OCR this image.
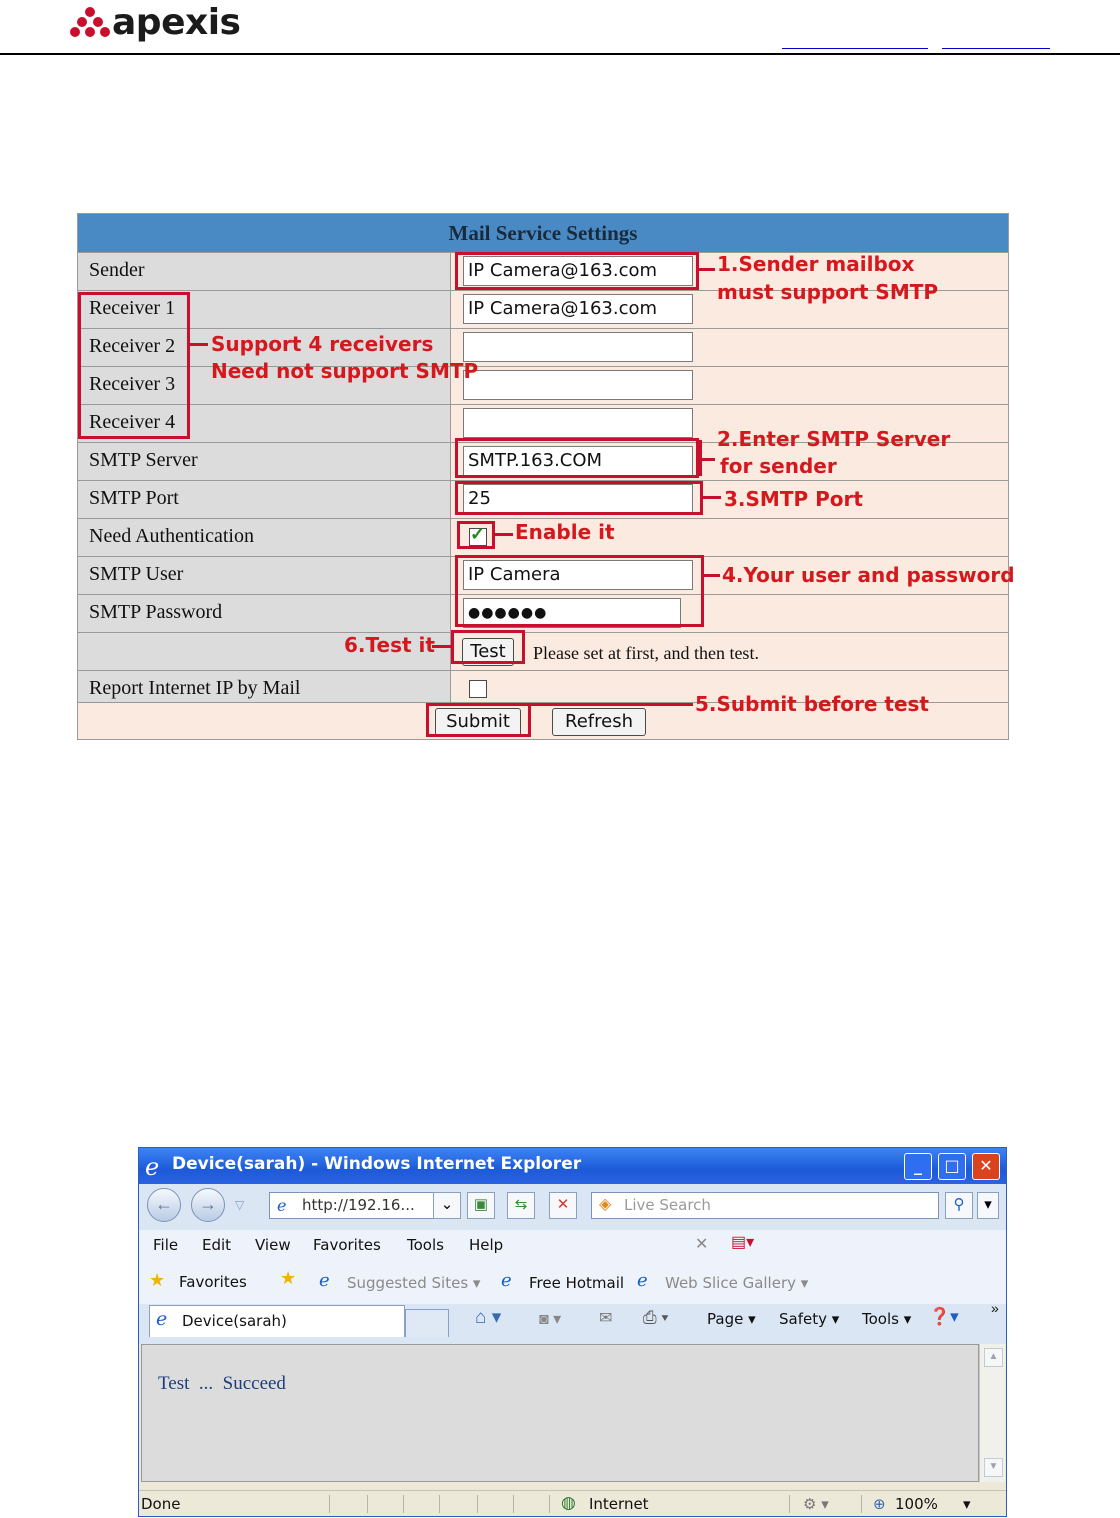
apexis
Mail Service Settings
Sender	IP Camera@163.com
Receiver 1	IP Camera@163.com
Receiver 2
Receiver 3
Receiver 4
SMTP Server	SMTP.163.COM
SMTP Port	25
Need Authentication	✓
SMTP User	IP Camera
SMTP Password	●●●●●●
Test	Please set at first, and then test.
Report Internet IP by Mail
Submit	Refresh
1.Sender mailbox
must support SMTP
Support 4 receivers
Need not support SMTP
2.Enter SMTP Server
for sender
3.SMTP Port
Enable it
4.Your user and password
6.Test it
5.Submit before test
e Device(sarah) - Windows Internet Explorer	_	□	✕
←	→	▽	http://192.16...
e	⌄	▣	⇆	✕	Live Search
◈	⚲	▾
File Edit View Favorites Tools Help	✕ ▤▾
★ Favorites ★ e Suggested Sites ▾ e Free Hotmail e Web Slice Gallery ▾
e Device(sarah)	⌂ ▾ ◙ ▾ ✉ ⎙ ▾	Page ▾ Safety ▾ Tools ▾ ❓▾ »
Test  ...  Succeed
▲
▼
Done	◍ Internet	⚙ ▾	⊕ 100% ▾
